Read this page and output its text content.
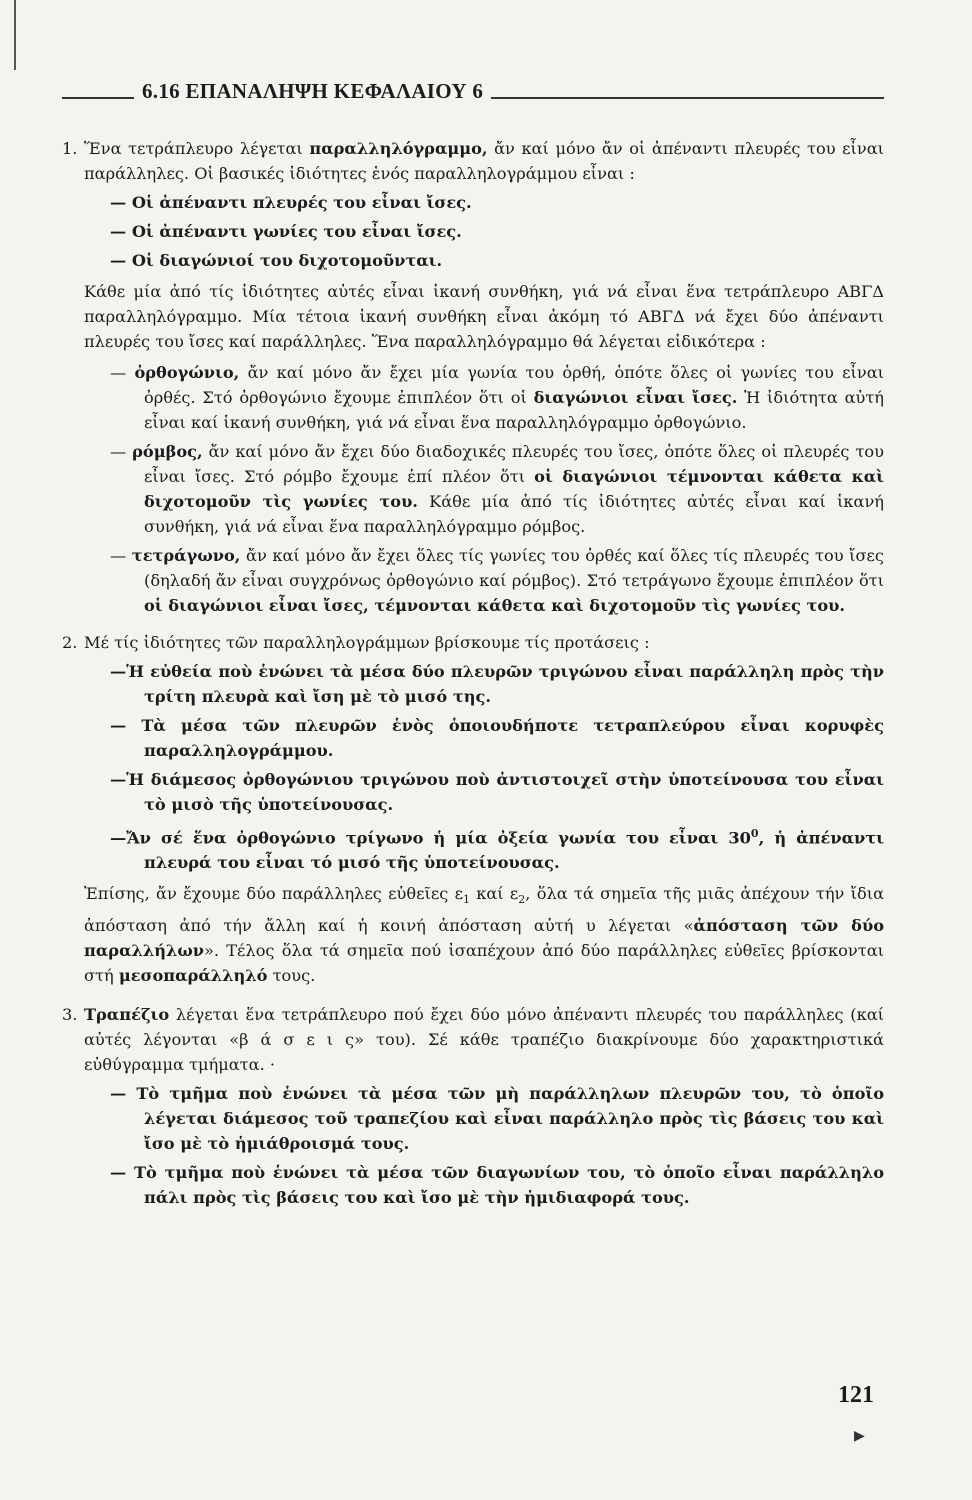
6.16 ΕΠΑΝΑΛΗΨΗ ΚΕΦΑΛΑΙΟΥ 6
1. Ἕνα τετράπλευρο λέγεται παραλληλόγραμμο, ἄν καί μόνο ἄν οἱ ἀπέναντι πλευρές του εἶναι παράλληλες. Οἱ βασικές ἰδιότητες ἑνός παραλληλογράμμου εἶναι :

— Οἱ ἀπέναντι πλευρές του εἶναι ἴσες.

— Οἱ ἀπέναντι γωνίες του εἶναι ἴσες.

— Οἱ διαγώνιοί του διχοτομοῦνται.

Κάθε μία ἀπό τίς ἰδιότητες αὐτές εἶναι ἱκανή συνθήκη, γιά νά εἶναι ἕνα τετράπλευρο ΑΒΓΔ παραλληλόγραμμο. Μία τέτοια ἱκανή συνθήκη εἶναι ἀκόμη τό ΑΒΓΔ νά ἔχει δύο ἀπέναντι πλευρές του ἴσες καί παράλληλες. Ἕνα παραλληλόγραμμο θά λέγεται εἰδικότερα :

— ὀρθογώνιο, ἄν καί μόνο ἄν ἔχει μία γωνία του ὀρθή, ὁπότε ὅλες οἱ γωνίες του εἶναι ὀρθές. Στό ὀρθογώνιο ἔχουμε ἐπιπλέον ὅτι οἱ διαγώνιοι εἶναι ἴσες. Ἡ ἰδιότητα αὐτή εἶναι καί ἱκανή συνθήκη, γιά νά εἶναι ἕνα παραλληλόγραμμο ὀρθογώνιο.

— ρόμβος, ἄν καί μόνο ἄν ἔχει δύο διαδοχικές πλευρές του ἴσες, ὁπότε ὅλες οἱ πλευρές του εἶναι ἴσες. Στό ρόμβο ἔχουμε ἐπί πλέον ὅτι οἱ διαγώνιοι τέμνονται κάθετα καὶ διχοτομοῦν τὶς γωνίες του. Κάθε μία ἀπό τίς ἰδιότητες αὐτές εἶναι καί ἱκανή συνθήκη, γιά νά εἶναι ἕνα παραλληλόγραμμο ρόμβος.

— τετράγωνο, ἄν καί μόνο ἄν ἔχει ὅλες τίς γωνίες του ὀρθές καί ὅλες τίς πλευρές του ἴσες (δηλαδή ἄν εἶναι συγχρόνως ὀρθογώνιο καί ρόμβος). Στό τετράγωνο ἔχουμε ἐπιπλέον ὅτι οἱ διαγώνιοι εἶναι ἴσες, τέμνονται κάθετα καὶ διχοτομοῦν τὶς γωνίες του.

2. Μέ τίς ἰδιότητες τῶν παραλληλογράμμων βρίσκουμε τίς προτάσεις :

—Ἡ εὐθεία ποὺ ἑνώνει τὰ μέσα δύο πλευρῶν τριγώνου εἶναι παράλληλη πρὸς τὴν τρίτη πλευρὰ καὶ ἴση μὲ τὸ μισό της.

— Τὰ μέσα τῶν πλευρῶν ἑνὸς ὁποιουδήποτε τετραπλεύρου εἶναι κορυφὲς παραλληλογράμμου.

—Ἡ διάμεσος ὀρθογώνιου τριγώνου ποὺ ἀντιστοιχεῖ στὴν ὑποτείνουσα του εἶναι τὸ μισὸ τῆς ὑποτείνουσας.

—Ἄν σέ ἕνα ὀρθογώνιο τρίγωνο ἡ μία ὀξεία γωνία του εἶναι $30^0$, ἡ ἀπέναντι πλευρά του εἶναι τό μισό τῆς ὑποτείνουσας.

Ἐπίσης, ἄν ἔχουμε δύο παράλληλες εὐθεῖες $\varepsilon_1$ καί $\varepsilon_2$, ὅλα τά σημεῖα τῆς μιᾶς ἀπέχουν τήν ἴδια ἀπόσταση ἀπό τήν ἄλλη καί ἡ κοινή ἀπόσταση αὐτή υ λέγεται «ἀπόσταση τῶν δύο παραλλήλων». Τέλος ὅλα τά σημεῖα πού ἰσαπέχουν ἀπό δύο παράλληλες εὐθεῖες βρίσκονται στή μεσοπαράλληλό τους.

3. Τραπέζιο λέγεται ἕνα τετράπλευρο πού ἔχει δύο μόνο ἀπέναντι πλευρές του παράλληλες (καί αὐτές λέγονται «β ά σ ε ι ς» του). Σέ κάθε τραπέζιο διακρίνουμε δύο χαρακτηριστικά εὐθύγραμμα τμήματα. ·

— Τὸ τμῆμα ποὺ ἑνώνει τὰ μέσα τῶν μὴ παράλληλων πλευρῶν του, τὸ ὁποῖο λέγεται διάμεσος τοῦ τραπεζίου καὶ εἶναι παράλληλο πρὸς τὶς βάσεις του καὶ ἴσο μὲ τὸ ἡμιάθροισμά τους.

— Τὸ τμῆμα ποὺ ἑνώνει τὰ μέσα τῶν διαγωνίων του, τὸ ὁποῖο εἶναι παράλληλο πάλι πρὸς τὶς βάσεις του καὶ ἴσο μὲ τὴν ἡμιδιαφορά τους.

121
▶
